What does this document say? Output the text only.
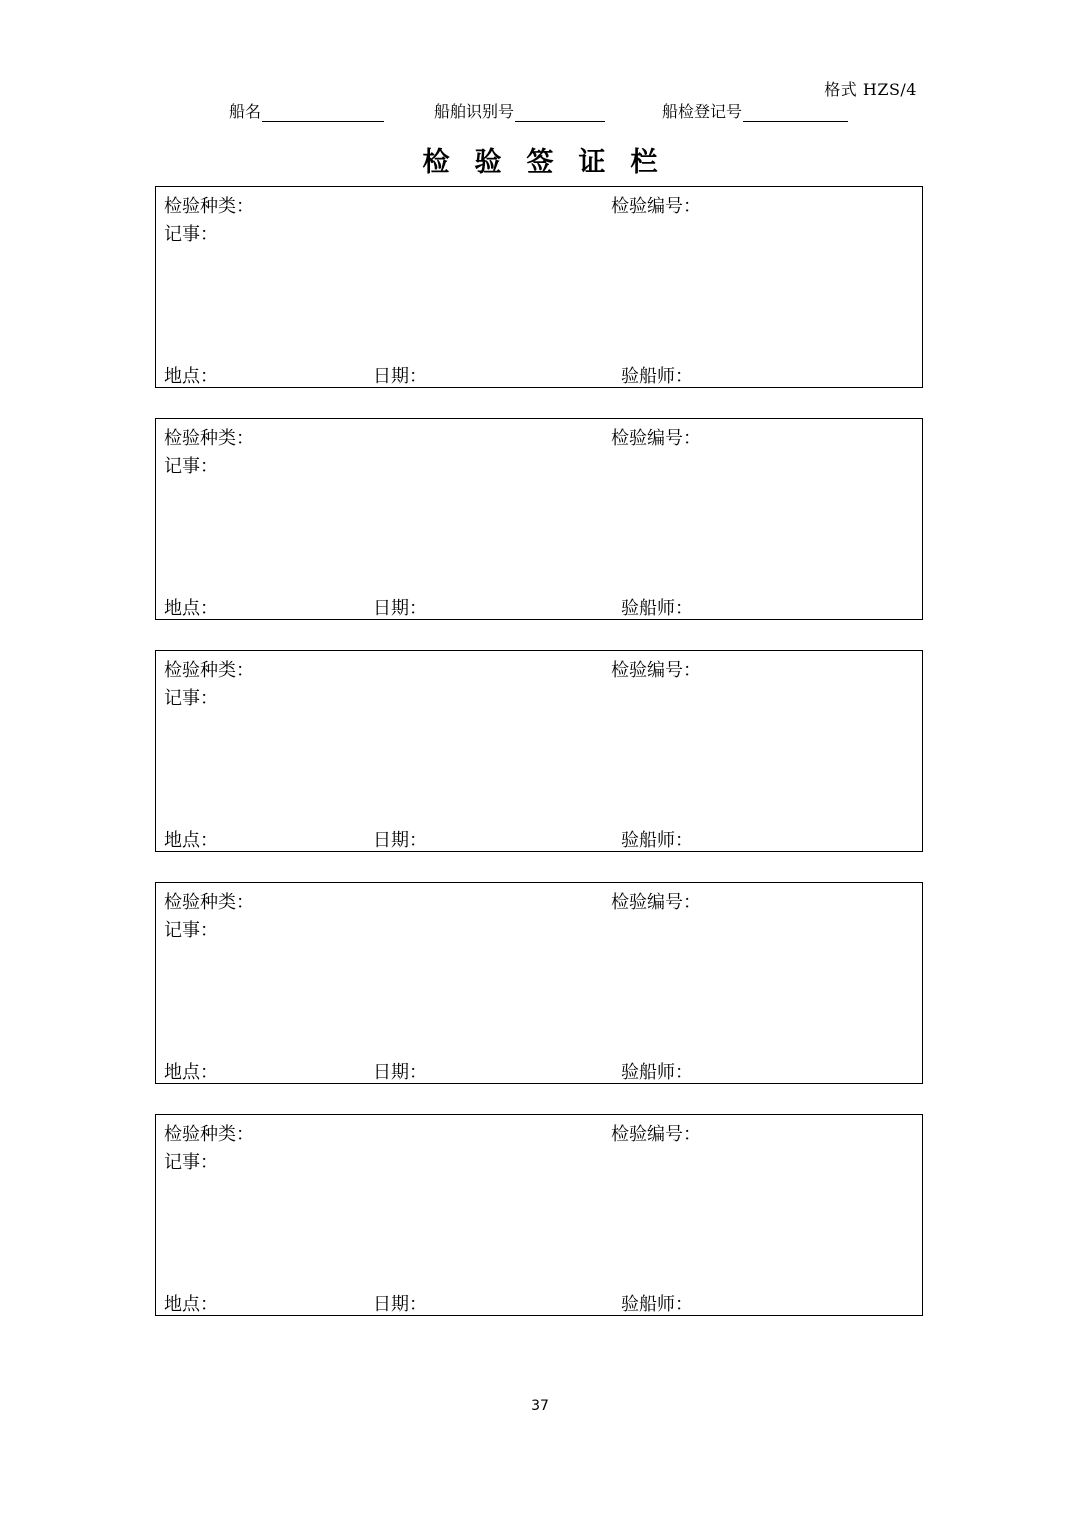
格式 HZS/4
船名	船舶识别号	船检登记号
检验签证栏
检验种类：	检验编号：
记事：
地点：	日期：	验船师：
检验种类：	检验编号：
记事：
地点：	日期：	验船师：
检验种类：	检验编号：
记事：
地点：	日期：	验船师：
检验种类：	检验编号：
记事：
地点：	日期：	验船师：
检验种类：	检验编号：
记事：
地点：	日期：	验船师：
37
